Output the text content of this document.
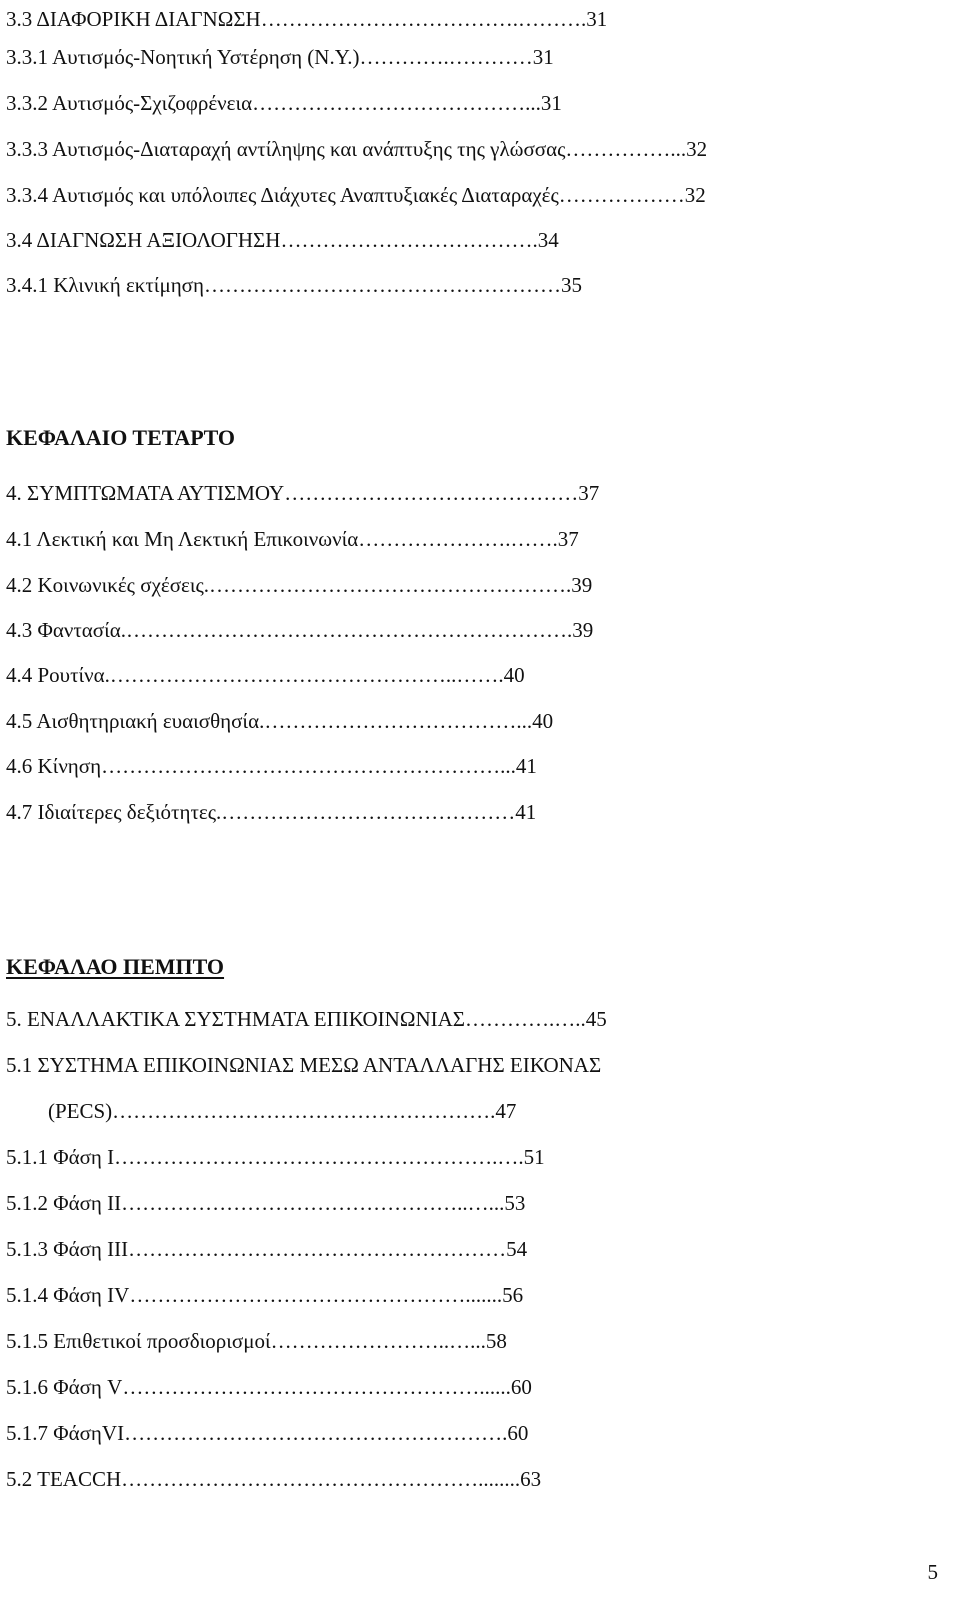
3.3 ΔΙΑΦΟΡΙΚΗ ΔΙΑΓΝΩΣΗ……………………………….……….31
3.3.1 Αυτισμός-Νοητική Υστέρηση (Ν.Υ.)………….…………31
3.3.2 Αυτισμός-Σχιζοφρένεια…………………………………...31
3.3.3 Αυτισμός-Διαταραχή αντίληψης και ανάπτυξης της γλώσσας……………...32
3.3.4 Αυτισμός και υπόλοιπες Διάχυτες Αναπτυξιακές Διαταραχές………………32
3.4 ΔΙΑΓΝΩΣΗ ΑΞΙΟΛΟΓΗΣΗ……………………………….34
3.4.1 Κλινική εκτίμηση……………………………………………35
ΚΕΦΑΛΑΙΟ ΤΕΤΑΡΤΟ
4. ΣΥΜΠΤΩΜΑΤΑ ΑΥΤΙΣΜΟΥ……………………………………37
4.1 Λεκτική και Μη Λεκτική Επικοινωνία………………….…….37
4.2 Κοινωνικές σχέσεις.…………………………………………….39
4.3 Φαντασία.……………………………………………………….39
4.4 Ρουτίνα.…………………………………………..…….40
4.5 Αισθητηριακή ευαισθησία.………………………………...40
4.6 Κίνηση…………………………………………………...41
4.7 Ιδιαίτερες δεξιότητες.……………………………………41
ΚΕΦΑΛΑΟ ΠΕΜΠΤΟ
5. ΕΝΑΛΛΑΚΤΙΚΑ ΣΥΣΤΗΜΑΤΑ ΕΠΙΚΟΙΝΩΝΙΑΣ………….…..45
5.1 ΣΥΣΤΗΜΑ ΕΠΙΚΟΙΝΩΝΙΑΣ ΜΕΣΩ ΑΝΤΑΛΛΑΓΗΣ ΕΙΚΟΝΑΣ
(PECS)……………………………………………….47
5.1.1 Φάση Ι……………………………………………….….51
5.1.2 Φάση ΙΙ…………………………………………..…...53
5.1.3 Φάση ΙΙΙ………………………………………………54
5.1.4 Φάση ΙV………………………………………….......56
5.1.5 Επιθετικοί προσδιορισμοί……………………..…...58
5.1.6 Φάση V……………………………………………......60
5.1.7 ΦάσηVI……………………………………………….60
5.2 TEACCH……………………………………………........63
5
